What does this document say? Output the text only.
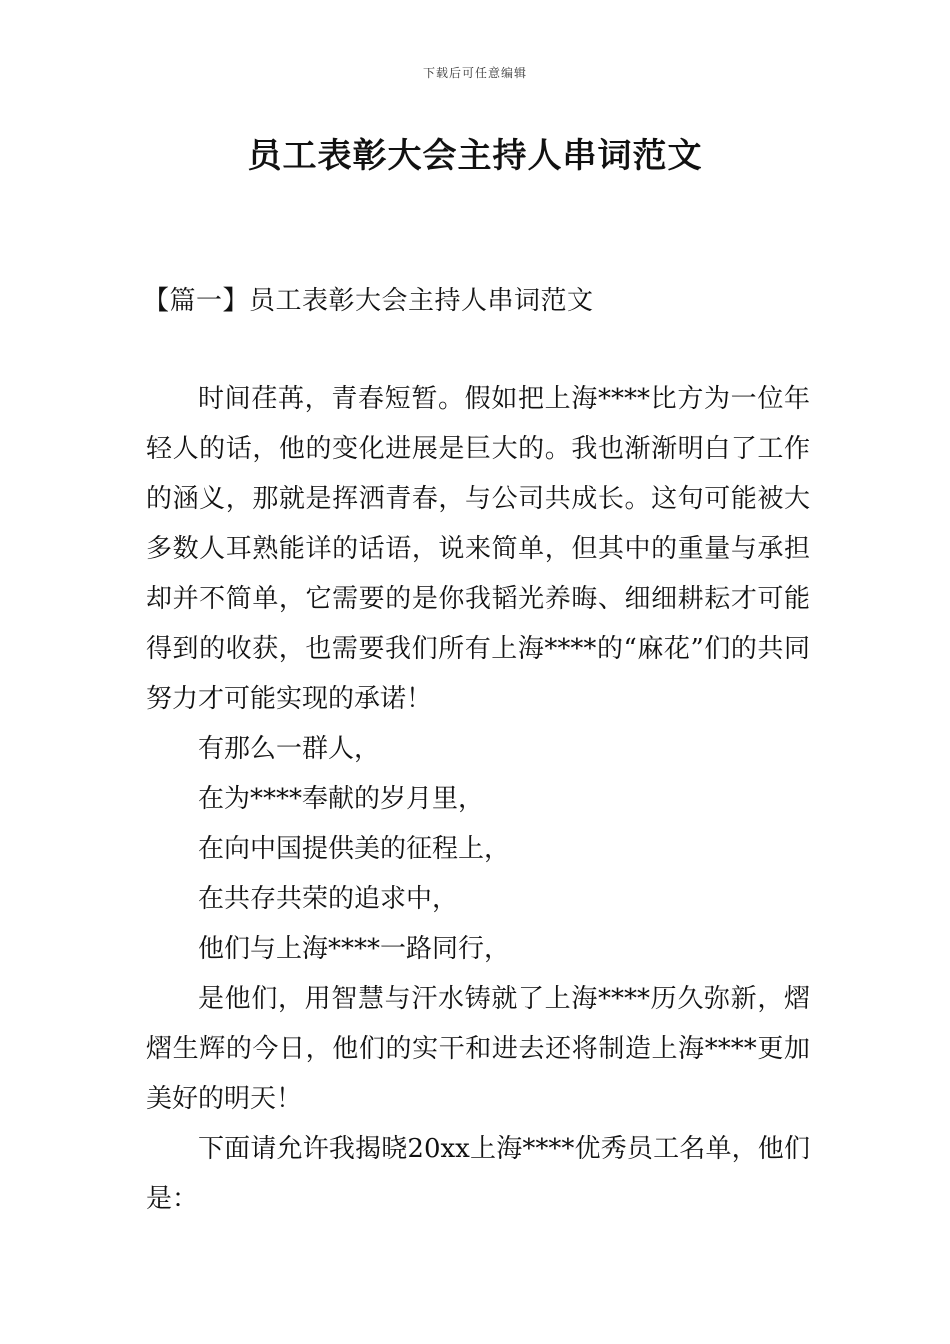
下载后可任意编辑
员工表彰大会主持人串词范文
【篇一】员工表彰大会主持人串词范文

时间荏苒，青春短暂。假如把上海****比方为一位年轻人的话，他的变化进展是巨大的。我也渐渐明白了工作的涵义，那就是挥洒青春，与公司共成长。这句可能被大多数人耳熟能详的话语，说来简单，但其中的重量与承担却并不简单，它需要的是你我韬光养晦、细细耕耘才可能得到的收获，也需要我们所有上海****的“麻花”们的共同努力才可能实现的承诺！

有那么一群人，

在为****奉献的岁月里，

在向中国提供美的征程上，

在共存共荣的追求中，

他们与上海****一路同行，

是他们，用智慧与汗水铸就了上海****历久弥新，熠熠生辉的今日，他们的实干和进去还将制造上海****更加美好的明天！

下面请允许我揭晓20xx上海****优秀员工名单，他们是：
